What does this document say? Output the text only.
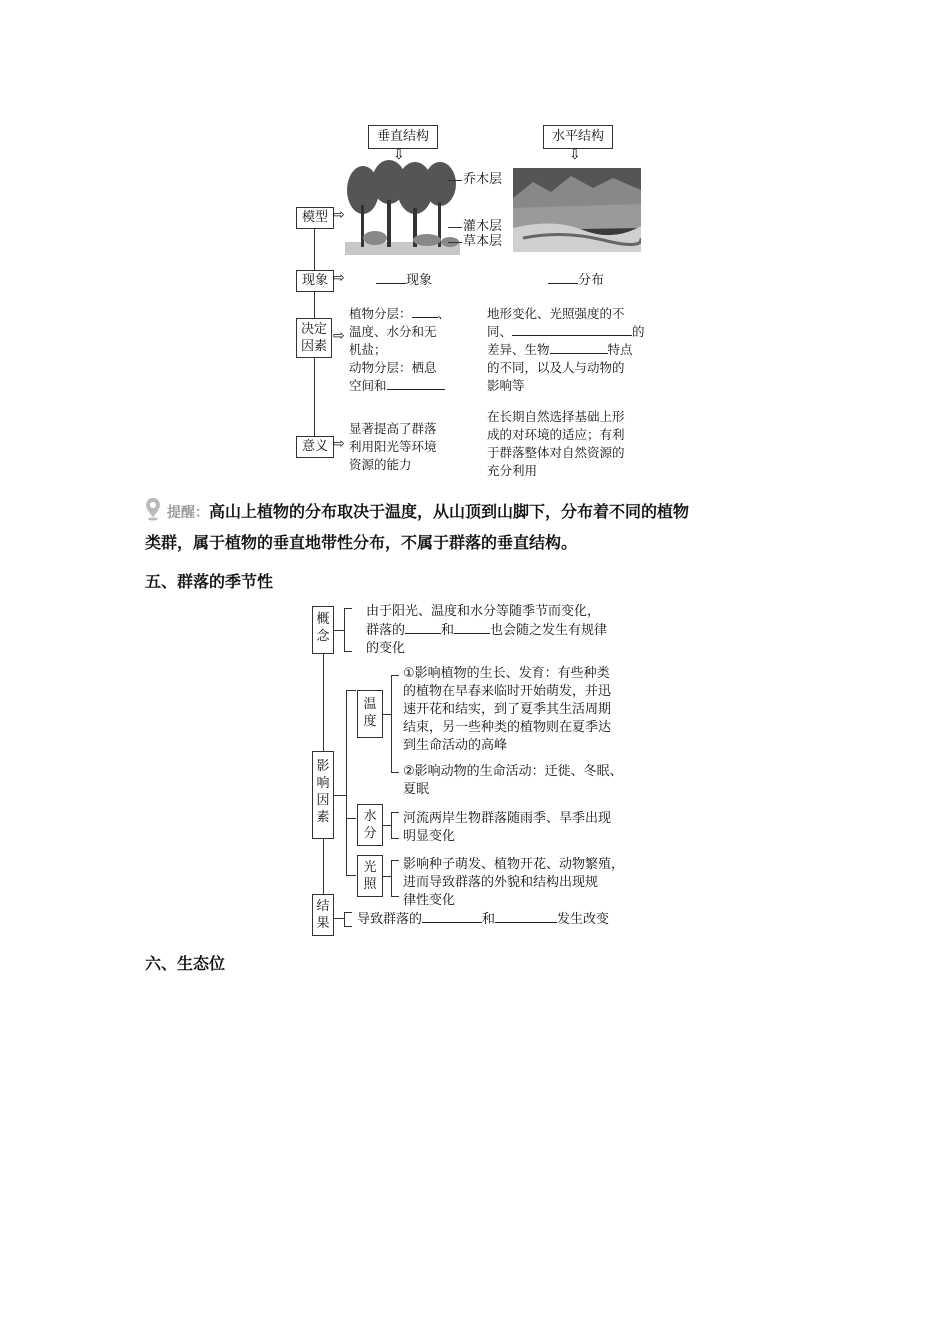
垂直结构	水平结构
⇩	⇩
乔木层
灌木层
草本层
模型
现象
决定因素
意义
⇨
⇨
⇨
⇨
现象	分布
植物分层： 、
温度、水分和无
机盐；
动物分层：栖息
空间和
地形变化、光照强度的不
同、	的
差异、生物	特点
的不同，以及人与动物的
影响等
显著提高了群落
利用阳光等环境
资源的能力
在长期自然选择基础上形
成的对环境的适应；有利
于群落整体对自然资源的
充分利用
提醒：高山上植物的分布取决于温度，从山顶到山脚下，分布着不同的植物
类群，属于植物的垂直地带性分布，不属于群落的垂直结构。
五、群落的季节性
概念
由于阳光、温度和水分等随季节而变化，
群落的	和	也会随之发生有规律
的变化
影响因素
温度
①影响植物的生长、发育：有些种类
的植物在早春来临时开始萌发，并迅
速开花和结实，到了夏季其生活周期
结束，另一些种类的植物则在夏季达
到生命活动的高峰
②影响动物的生命活动：迁徙、冬眠、
夏眠
水分
河流两岸生物群落随雨季、旱季出现
明显变化
光照
影响种子萌发、植物开花、动物繁殖，
进而导致群落的外貌和结构出现规
律性变化
结果	导致群落的	和	发生改变
六、生态位
